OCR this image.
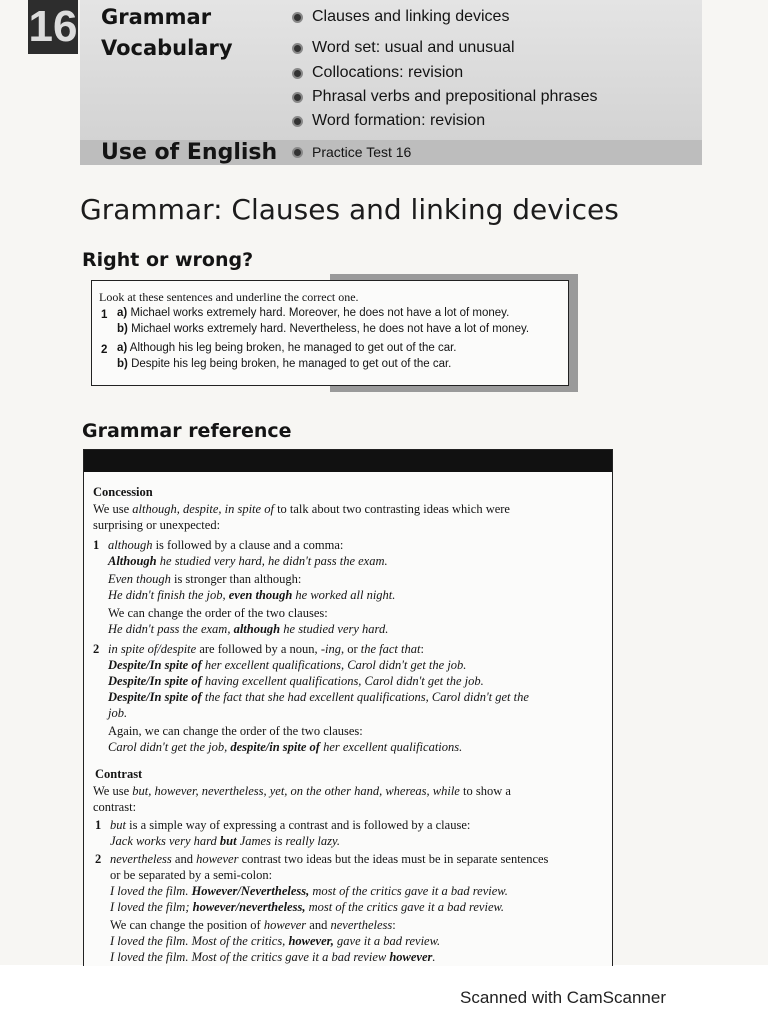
16 Grammar
Vocabulary
Use of English
Clauses and linking devices
Word set: usual and unusual
Collocations: revision
Phrasal verbs and prepositional phrases
Word formation: revision
Practice Test 16
Grammar: Clauses and linking devices
Right or wrong?
Look at these sentences and underline the correct one.
1 a) Michael works extremely hard. Moreover, he does not have a lot of money.
b) Michael works extremely hard. Nevertheless, he does not have a lot of money.
2 a) Although his leg being broken, he managed to get out of the car.
b) Despite his leg being broken, he managed to get out of the car.
Grammar reference
Concession
We use although, despite, in spite of to talk about two contrasting ideas which were
surprising or unexpected:
1 although is followed by a clause and a comma:
Although he studied very hard, he didn't pass the exam.
Even though is stronger than although:
He didn't finish the job, even though he worked all night.
We can change the order of the two clauses:
He didn't pass the exam, although he studied very hard.
2 in spite of/despite are followed by a noun, -ing, or the fact that:
Despite/In spite of her excellent qualifications, Carol didn't get the job.
Despite/In spite of having excellent qualifications, Carol didn't get the job.
Despite/In spite of the fact that she had excellent qualifications, Carol didn't get the
job.
Again, we can change the order of the two clauses:
Carol didn't get the job, despite/in spite of her excellent qualifications.
Contrast
We use but, however, nevertheless, yet, on the other hand, whereas, while to show a
contrast:
1 but is a simple way of expressing a contrast and is followed by a clause:
Jack works very hard but James is really lazy.
2 nevertheless and however contrast two ideas but the ideas must be in separate sentences
or be separated by a semi-colon:
I loved the film. However/Nevertheless, most of the critics gave it a bad review.
I loved the film; however/nevertheless, most of the critics gave it a bad review.
We can change the position of however and nevertheless:
I loved the film. Most of the critics, however, gave it a bad review.
I loved the film. Most of the critics gave it a bad review however.
Scanned with CamScanner
